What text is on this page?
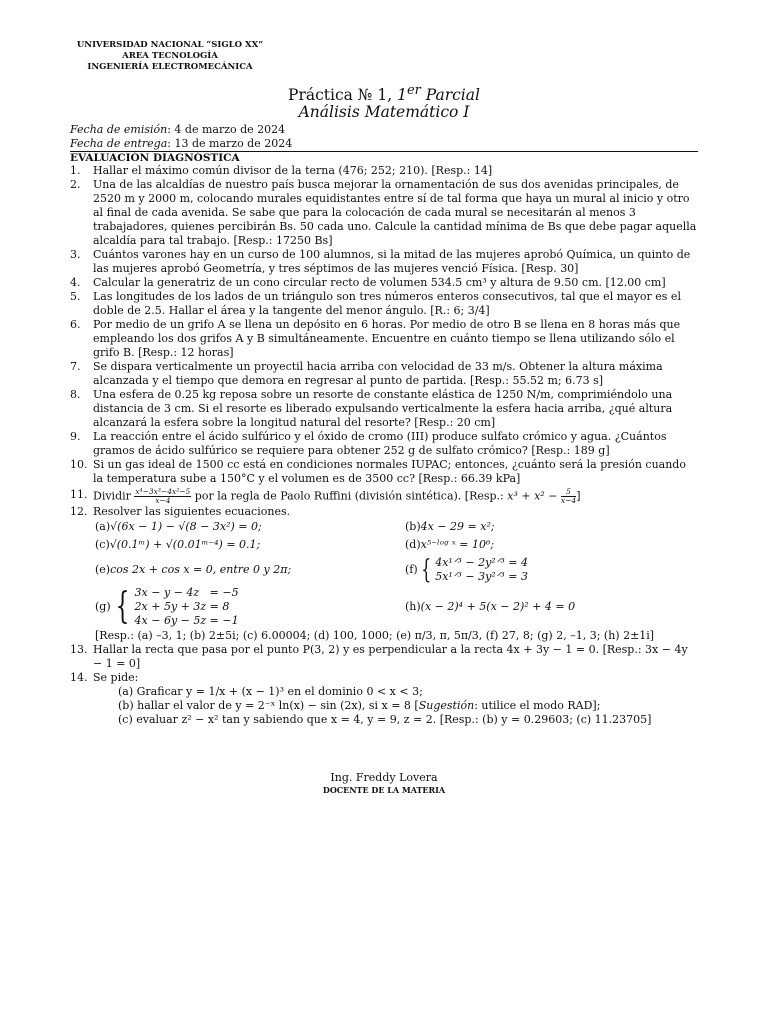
UNIVERSIDAD NACIONAL “SIGLO XX”
AREA TECNOLOGÍA
INGENIERÍA ELECTROMECÁNICA
Práctica № 1, 1er Parcial
Análisis Matemático I
Fecha de emisión: 4 de marzo de 2024
Fecha de entrega: 13 de marzo de 2024
EVALUACIÓN DIAGNÓSTICA
1.	Hallar el máximo común divisor de la terna (476; 252; 210). [Resp.: 14]
2.	Una de las alcaldías de nuestro país busca mejorar la ornamentación de sus dos avenidas principales, de 2520 m y 2000 m, colocando murales equidistantes entre sí de tal forma que haya un mural al inicio y otro al final de cada avenida. Se sabe que para la colocación de cada mural se necesitarán al menos 3 trabajadores, quienes percibirán Bs. 50 cada uno. Calcule la cantidad mínima de Bs que debe pagar aquella alcaldía para tal trabajo. [Resp.: 17250 Bs]
3.	Cuántos varones hay en un curso de 100 alumnos, si la mitad de las mujeres aprobó Química, un quinto de las mujeres aprobó Geometría, y tres séptimos de las mujeres venció Física. [Resp. 30]
4.	Calcular la generatriz de un cono circular recto de volumen 534.5 cm³ y altura de 9.50 cm. [12.00 cm]
5.	Las longitudes de los lados de un triángulo son tres números enteros consecutivos, tal que el mayor es el doble de 2.5. Hallar el área y la tangente del menor ángulo. [R.: 6; 3/4]
6.	Por medio de un grifo A se llena un depósito en 6 horas. Por medio de otro B se llena en 8 horas más que empleando los dos grifos A y B simultáneamente. Encuentre en cuánto tiempo se llena utilizando sólo el grifo B. [Resp.: 12 horas]
7.	Se dispara verticalmente un proyectil hacia arriba con velocidad de 33 m/s. Obtener la altura máxima alcanzada y el tiempo que demora en regresar al punto de partida. [Resp.: 55.52 m; 6.73 s]
8.	Una esfera de 0.25 kg reposa sobre un resorte de constante elástica de 1250 N/m, comprimiéndolo una distancia de 3 cm. Si el resorte es liberado expulsando verticalmente la esfera hacia arriba, ¿qué altura alcanzará la esfera sobre la longitud natural del resorte? [Resp.: 20 cm]
9.	La reacción entre el ácido sulfúrico y el óxido de cromo (III) produce sulfato crómico y agua. ¿Cuántos gramos de ácido sulfúrico se requiere para obtener 252 g de sulfato crómico? [Resp.: 189 g]
10. Si un gas ideal de 1500 cc está en condiciones normales IUPAC; entonces, ¿cuánto será la presión cuando la temperatura sube a 150°C y el volumen es de 3500 cc? [Resp.: 66.39 kPa]
11. Dividir $\frac{\text{x⁴−3x³−4x²−5}}{x-4}$ por la regla de Paolo Ruffini (división sintética). [Resp.: $x^3 + x^2 - \frac{5}{x-4}$ ]
12. Resolver las siguientes ecuaciones.
(a) √(6x − 1) − √(8 − 3x²) = 0;	(b) 4x − 29 = x²;
(c) √(0.1ᵐ) + √(0.01ᵐ⁻⁴) = 0.1;	(d) x⁵⁻ˡᵒᵍ ˣ = 10⁶;
(e) cos 2x + cos x = 0, entre 0 y 2π;	(f) { 4x¹ᐟ³ − 2y²ᐟ³ = 4
5x¹ᐟ³ − 3y²ᐟ³ = 3
(g) { 3x − y − 4z   = −5
2x + 5y + 3z = 8
4x − 6y − 5z = −1
(h) (x − 2)⁴ + 5(x − 2)² + 4 = 0
[Resp.: (a) –3, 1; (b) 2±5i; (c) 6.00004; (d) 100, 1000; (e) π/3, π, 5π/3, (f) 27, 8; (g) 2, –1, 3; (h) 2±1i]
13. Hallar la recta que pasa por el punto P(3, 2) y es perpendicular a la recta 4x + 3y − 1 = 0. [Resp.: 3x − 4y − 1 = 0]
14. Se pide:
(a) Graficar y = 1/x + (x − 1)³ en el dominio 0 < x < 3;
(b) hallar el valor de y = 2⁻ˣ ln(x) − sin (2x), si x = 8 [Sugestión: utilice el modo RAD];
(c) evaluar z² − x² tan y sabiendo que x = 4, y = 9, z = 2. [Resp.: (b) y = 0.29603; (c) 11.23705]
Ing. Freddy Lovera
DOCENTE DE LA MATERIA
